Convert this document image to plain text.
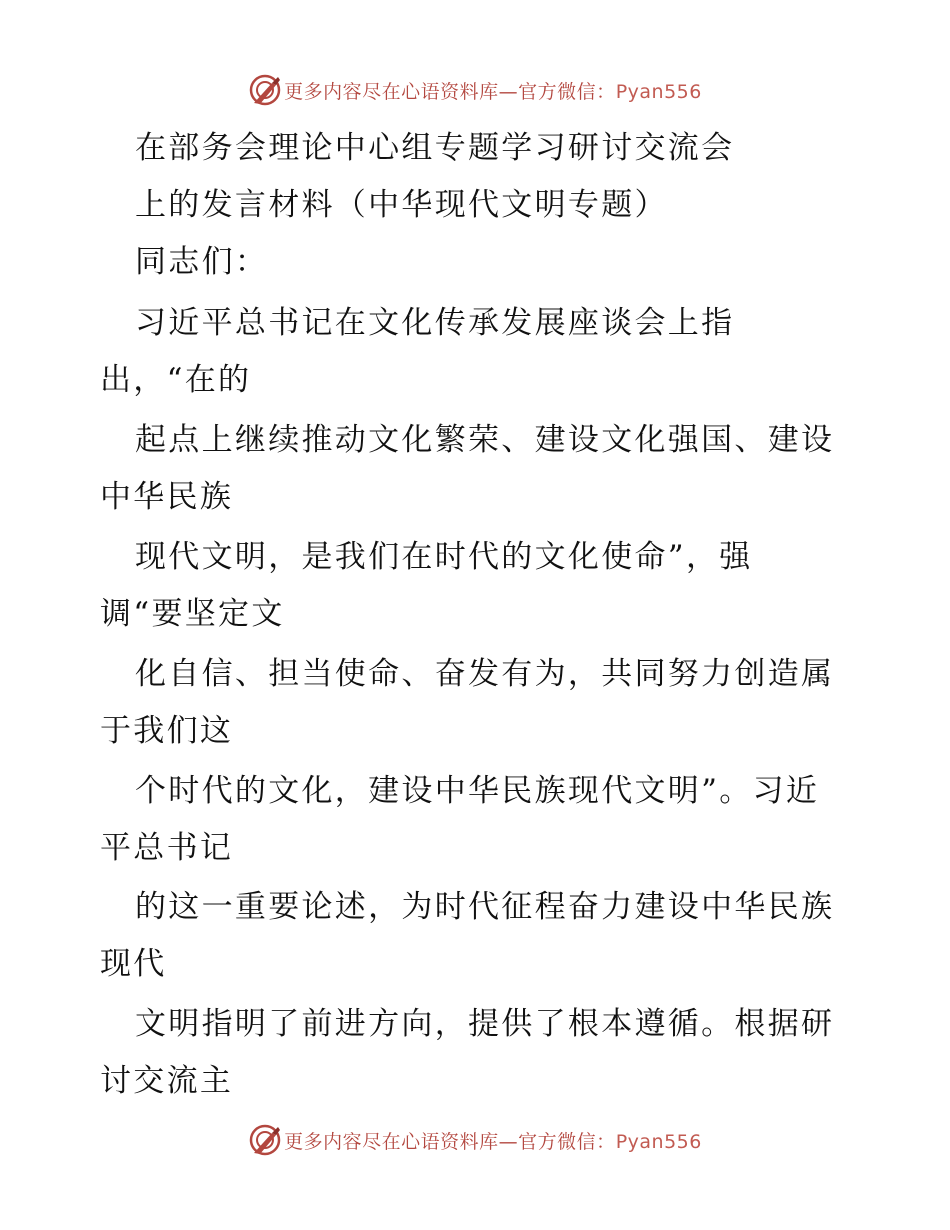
更多内容尽在心语资料库—官方微信：Pyan556
在部务会理论中心组专题学习研讨交流会
上的发言材料（中华现代文明专题）
同志们：
习近平总书记在文化传承发展座谈会上指
出，“在的
起点上继续推动文化繁荣、建设文化强国、建设
中华民族
现代文明，是我们在时代的文化使命”，强
调“要坚定文
化自信、担当使命、奋发有为，共同努力创造属
于我们这
个时代的文化，建设中华民族现代文明”。习近
平总书记
的这一重要论述，为时代征程奋力建设中华民族
现代
文明指明了前进方向，提供了根本遵循。根据研
讨交流主
更多内容尽在心语资料库—官方微信：Pyan556
